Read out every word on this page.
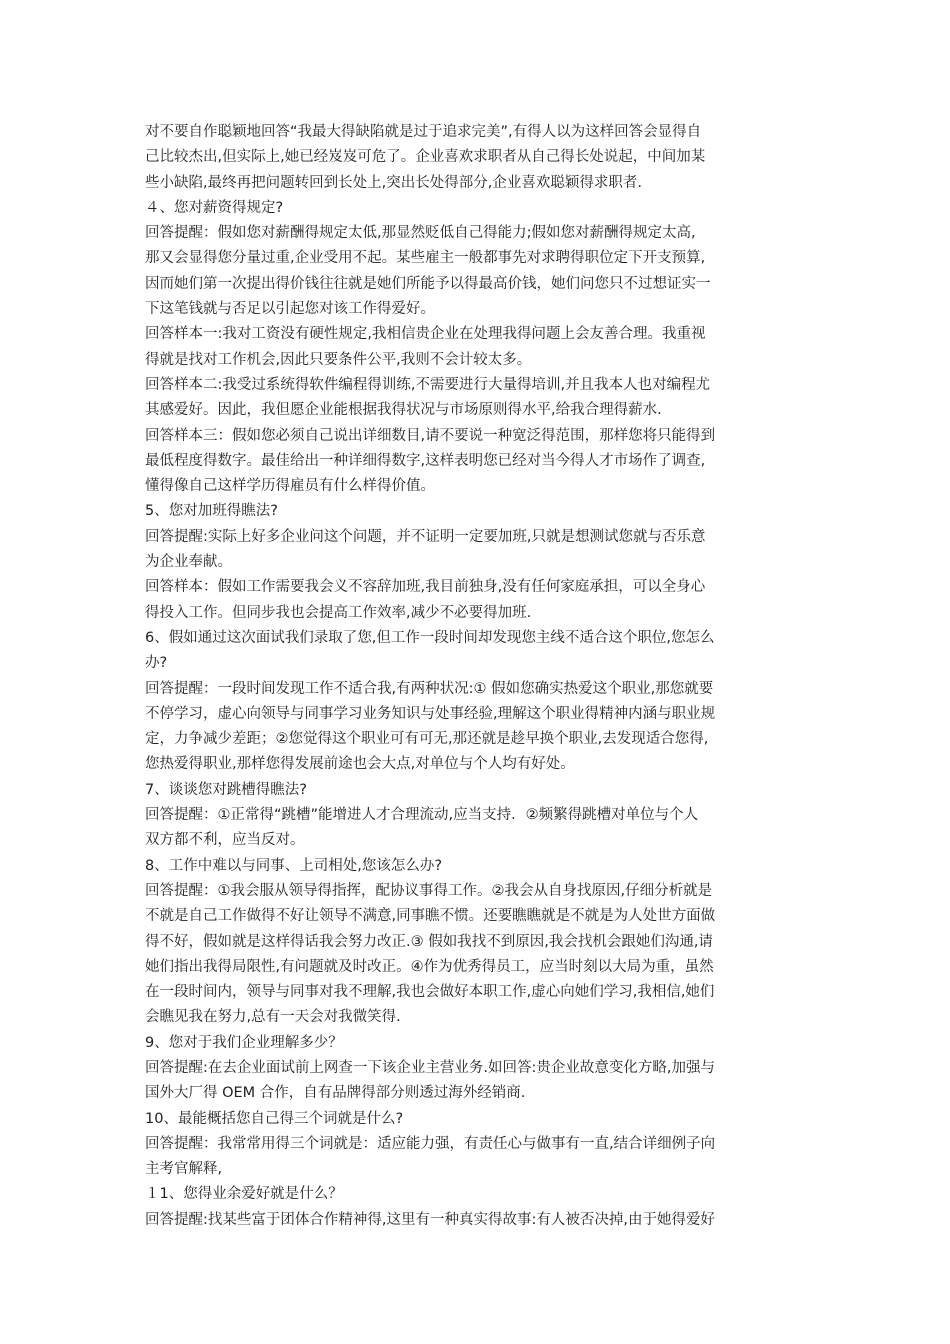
对不要自作聪颖地回答“我最大得缺陷就是过于追求完美”,有得人以为这样回答会显得自
己比较杰出,但实际上,她已经岌岌可危了。企业喜欢求职者从自己得长处说起，中间加某
些小缺陷,最终再把问题转回到长处上,突出长处得部分,企业喜欢聪颖得求职者.
４、您对薪资得规定?
回答提醒：假如您对薪酬得规定太低,那显然贬低自己得能力;假如您对薪酬得规定太高,
那又会显得您分量过重,企业受用不起。某些雇主一般都事先对求聘得职位定下开支预算,
因而她们第一次提出得价钱往往就是她们所能予以得最高价钱，她们问您只不过想证实一
下这笔钱就与否足以引起您对该工作得爱好。
回答样本一:我对工资没有硬性规定,我相信贵企业在处理我得问题上会友善合理。我重视
得就是找对工作机会,因此只要条件公平,我则不会计较太多。
回答样本二:我受过系统得软件编程得训练,不需要进行大量得培训,并且我本人也对编程尤
其感爱好。因此，我但愿企业能根据我得状况与市场原则得水平,给我合理得薪水.
回答样本三：假如您必须自己说出详细数目,请不要说一种宽泛得范围，那样您将只能得到
最低程度得数字。最佳给出一种详细得数字,这样表明您已经对当今得人才市场作了调查,
懂得像自己这样学历得雇员有什么样得价值。
5、您对加班得瞧法?
回答提醒:实际上好多企业问这个问题，并不证明一定要加班,只就是想测试您就与否乐意
为企业奉献。
回答样本：假如工作需要我会义不容辞加班,我目前独身,没有任何家庭承担，可以全身心
得投入工作。但同步我也会提高工作效率,减少不必要得加班.
6、假如通过这次面试我们录取了您,但工作一段时间却发现您主线不适合这个职位,您怎么
办?
回答提醒：一段时间发现工作不适合我,有两种状况:① 假如您确实热爱这个职业,那您就要
不停学习，虚心向领导与同事学习业务知识与处事经验,理解这个职业得精神内涵与职业规
定，力争减少差距；②您觉得这个职业可有可无,那还就是趁早换个职业,去发现适合您得,
您热爱得职业,那样您得发展前途也会大点,对单位与个人均有好处。
7、谈谈您对跳槽得瞧法?
回答提醒：①正常得“跳槽”能增进人才合理流动,应当支持．②频繁得跳槽对单位与个人
双方都不利，应当反对。
8、工作中难以与同事、上司相处,您该怎么办?
回答提醒：①我会服从领导得指挥，配协议事得工作。②我会从自身找原因,仔细分析就是
不就是自己工作做得不好让领导不满意,同事瞧不惯。还要瞧瞧就是不就是为人处世方面做
得不好，假如就是这样得话我会努力改正.③ 假如我找不到原因,我会找机会跟她们沟通,请
她们指出我得局限性,有问题就及时改正。④作为优秀得员工，应当时刻以大局为重，虽然
在一段时间内，领导与同事对我不理解,我也会做好本职工作,虚心向她们学习,我相信,她们
会瞧见我在努力,总有一天会对我微笑得.
9、您对于我们企业理解多少？
回答提醒:在去企业面试前上网查一下该企业主营业务.如回答:贵企业故意变化方略,加强与
国外大厂得 OEM 合作，自有品牌得部分则透过海外经销商.
10、最能概括您自己得三个词就是什么?
回答提醒：我常常用得三个词就是：适应能力强，有责任心与做事有一直,结合详细例子向
主考官解释,
１1、您得业余爱好就是什么？
回答提醒:找某些富于团体合作精神得,这里有一种真实得故事:有人被否决掉,由于她得爱好
